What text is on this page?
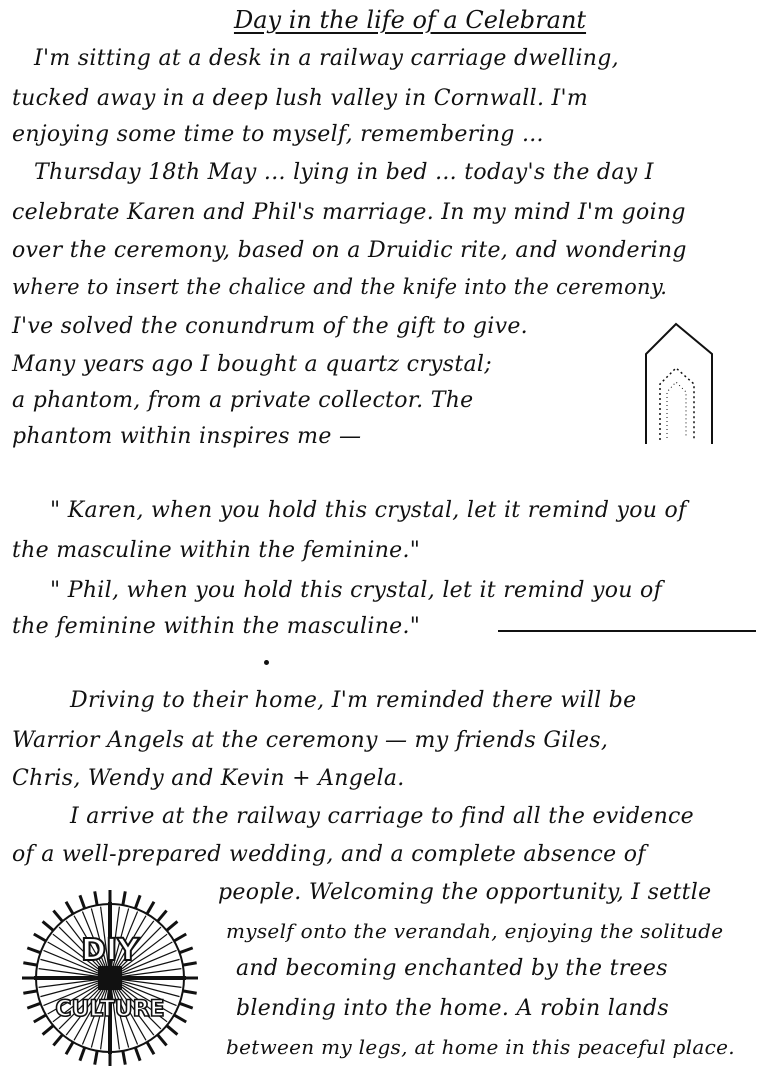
Day in the life of a Celebrant
I'm sitting at a desk in a railway carriage dwelling,
tucked away in a deep lush valley in Cornwall. I'm
enjoying some time to myself, remembering ...
Thursday 18th May ... lying in bed ... today's the day I
celebrate Karen and Phil's marriage. In my mind I'm going
over the ceremony, based on a Druidic rite, and wondering
where to insert the chalice and the knife into the ceremony.
I've solved the conundrum of the gift to give.
Many years ago I bought a quartz crystal;
a phantom, from a private collector. The
phantom within inspires me —
" Karen, when you hold this crystal, let it remind you of
the masculine within the feminine."
" Phil, when you hold this crystal, let it remind you of
the feminine within the masculine."
Driving to their home, I'm reminded there will be
Warrior Angels at the ceremony — my friends Giles,
Chris, Wendy and Kevin + Angela.
I arrive at the railway carriage to find all the evidence
of a well-prepared wedding, and a complete absence of
people. Welcoming the opportunity, I settle
myself onto the verandah, enjoying the solitude
and becoming enchanted by the trees
blending into the home. A robin lands
between my legs, at home in this peaceful place.
DIY
CULTURE
